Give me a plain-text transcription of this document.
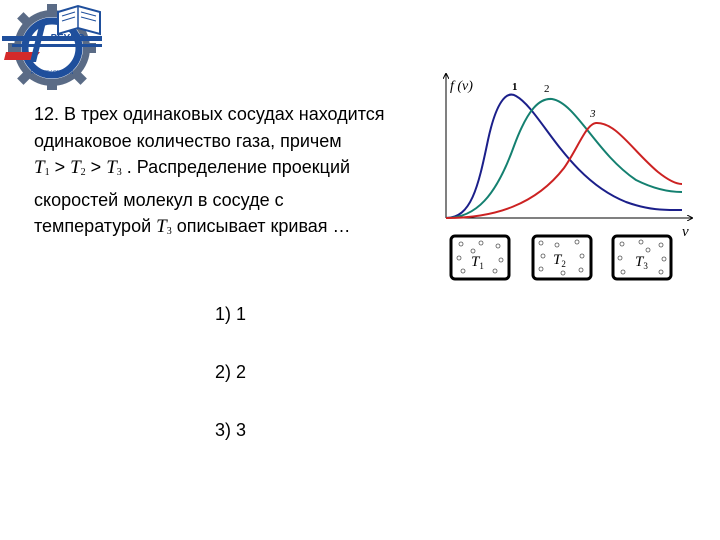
РГУПС
ROSTOV-ON-DON

12. В трех одинаковых сосудах находится
одинаковое количество газа, причем
$T_1 > T_2 > T_3$ . Распределение проекций
скоростей молекул в сосуде с
температурой $T_3$ описывает кривая …

f (v)
v
1 2
3
$T_1$	$T_2$	$T_3$

1) 1

2) 2

3) 3
